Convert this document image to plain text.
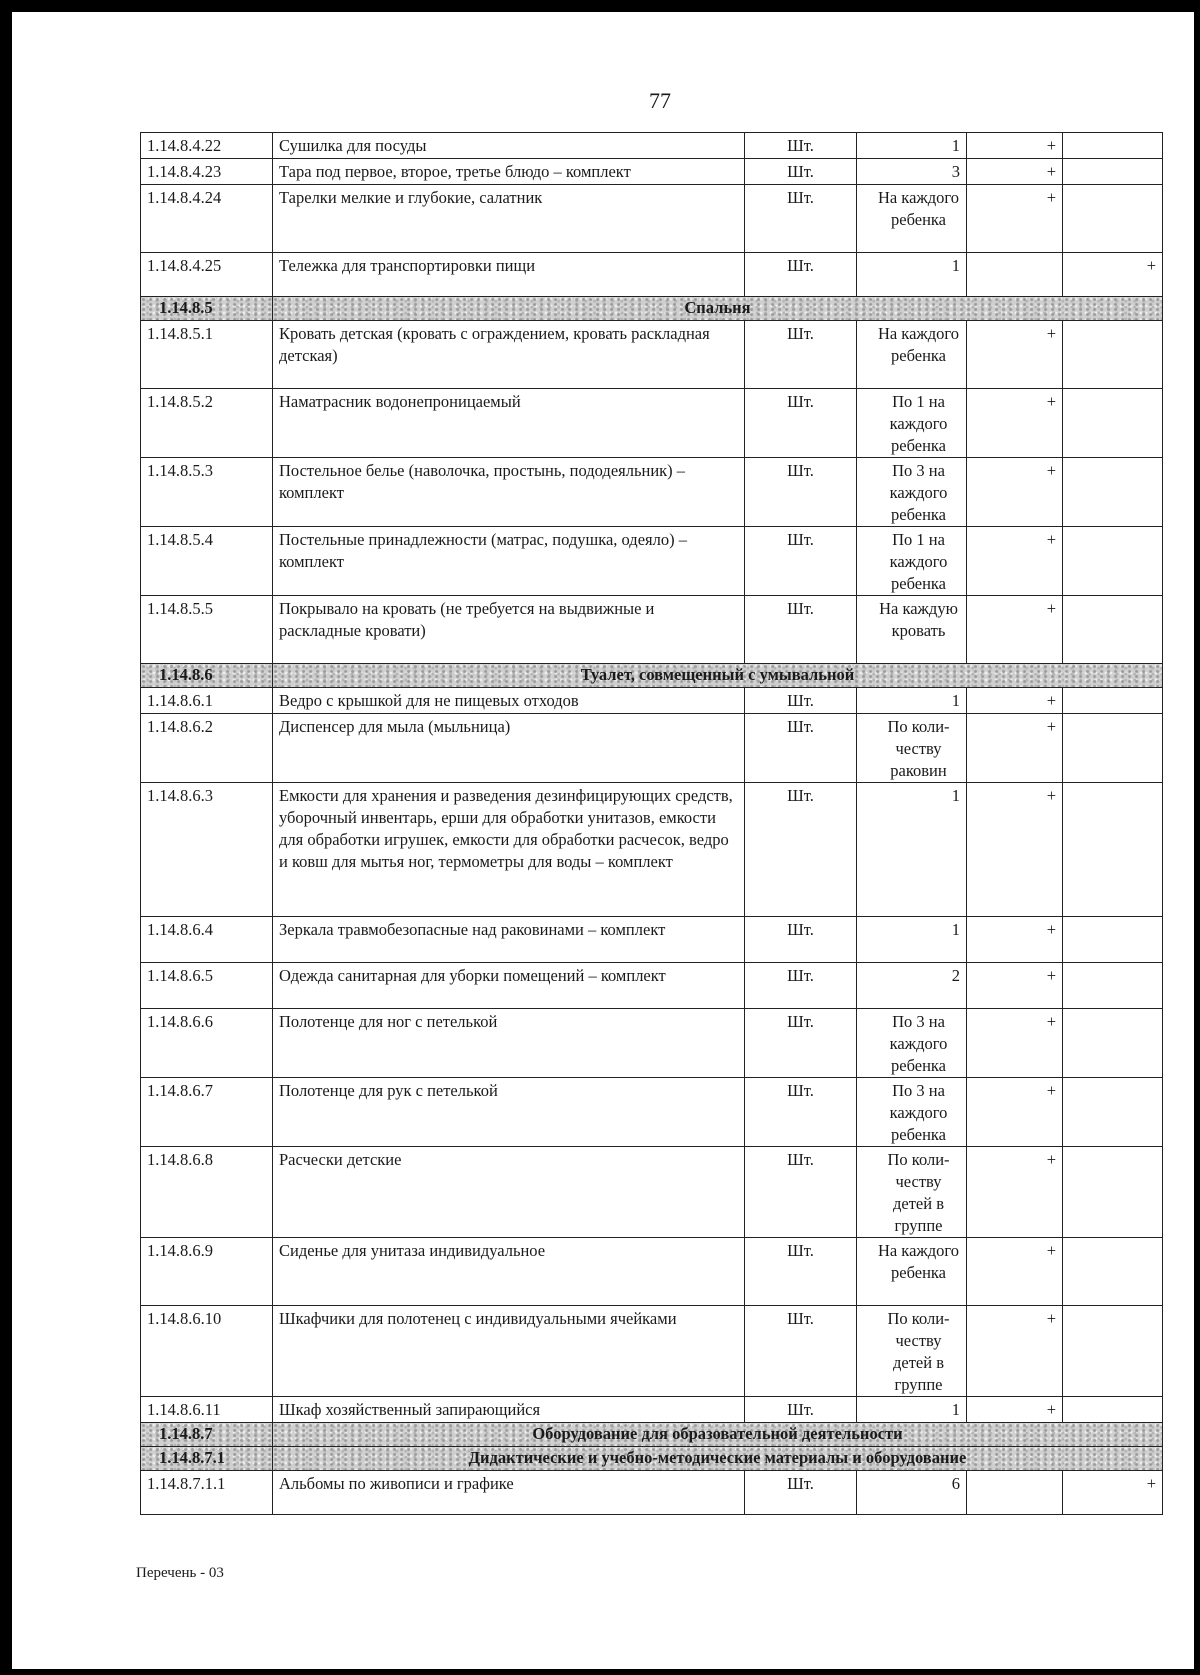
77
1.14.8.4.22	Сушилка для посуды	Шт.	1	+	
1.14.8.4.23	Тара под первое, второе, третье блюдо – комплект	Шт.	3	+	
1.14.8.4.24	Тарелки мелкие и глубокие, салатник	Шт.	На каждого ребенка	+	
1.14.8.4.25	Тележка для транспортировки пищи	Шт.	1		+
1.14.8.5	Спальня				
1.14.8.5.1	Кровать детская (кровать с ограждением, кровать раскладная детская)	Шт.	На каждого ребенка	+	
1.14.8.5.2	Наматрасник водонепроницаемый	Шт.	По 1 на каждого ребенка	+	
1.14.8.5.3	Постельное белье (наволочка, простынь, пододеяльник) – комплект	Шт.	По 3 на каждого ребенка	+	
1.14.8.5.4	Постельные принадлежности (матрас, подушка, одеяло) – комплект	Шт.	По 1 на каждого ребенка	+	
1.14.8.5.5	Покрывало на кровать (не требуется на выдвижные и раскладные кровати)	Шт.	На каждую кровать	+	
1.14.8.6	Туалет, совмещенный с умывальной				
1.14.8.6.1	Ведро с крышкой для не пищевых отходов	Шт.	1	+	
1.14.8.6.2	Диспенсер для мыла (мыльница)	Шт.	По коли- честву раковин	+	
1.14.8.6.3	Емкости для хранения и разведения дезинфицирующих средств, уборочный инвентарь, ерши для обработки унитазов, емкости для обработки игрушек, емкости для обработки расчесок, ведро и ковш для мытья ног, термометры для воды – комплект	Шт.	1	+	
1.14.8.6.4	Зеркала травмобезопасные над раковинами – комплект	Шт.	1	+	
1.14.8.6.5	Одежда санитарная для уборки помещений – комплект	Шт.	2	+	
1.14.8.6.6	Полотенце для ног с петелькой	Шт.	По 3 на каждого ребенка	+	
1.14.8.6.7	Полотенце для рук с петелькой	Шт.	По 3 на каждого ребенка	+	
1.14.8.6.8	Расчески детские	Шт.	По коли- честву детей в группе	+	
1.14.8.6.9	Сиденье для унитаза индивидуальное	Шт.	На каждого ребенка	+	
1.14.8.6.10	Шкафчики для полотенец с индивидуальными ячейками	Шт.	По коли- честву детей в группе	+	
1.14.8.6.11	Шкаф хозяйственный запирающийся	Шт.	1	+	
1.14.8.7	Оборудование для образовательной деятельности				
1.14.8.7.1	Дидактические и учебно-методические материалы и оборудование				
1.14.8.7.1.1	Альбомы по живописи и графике	Шт.	6		+
Перечень - 03
